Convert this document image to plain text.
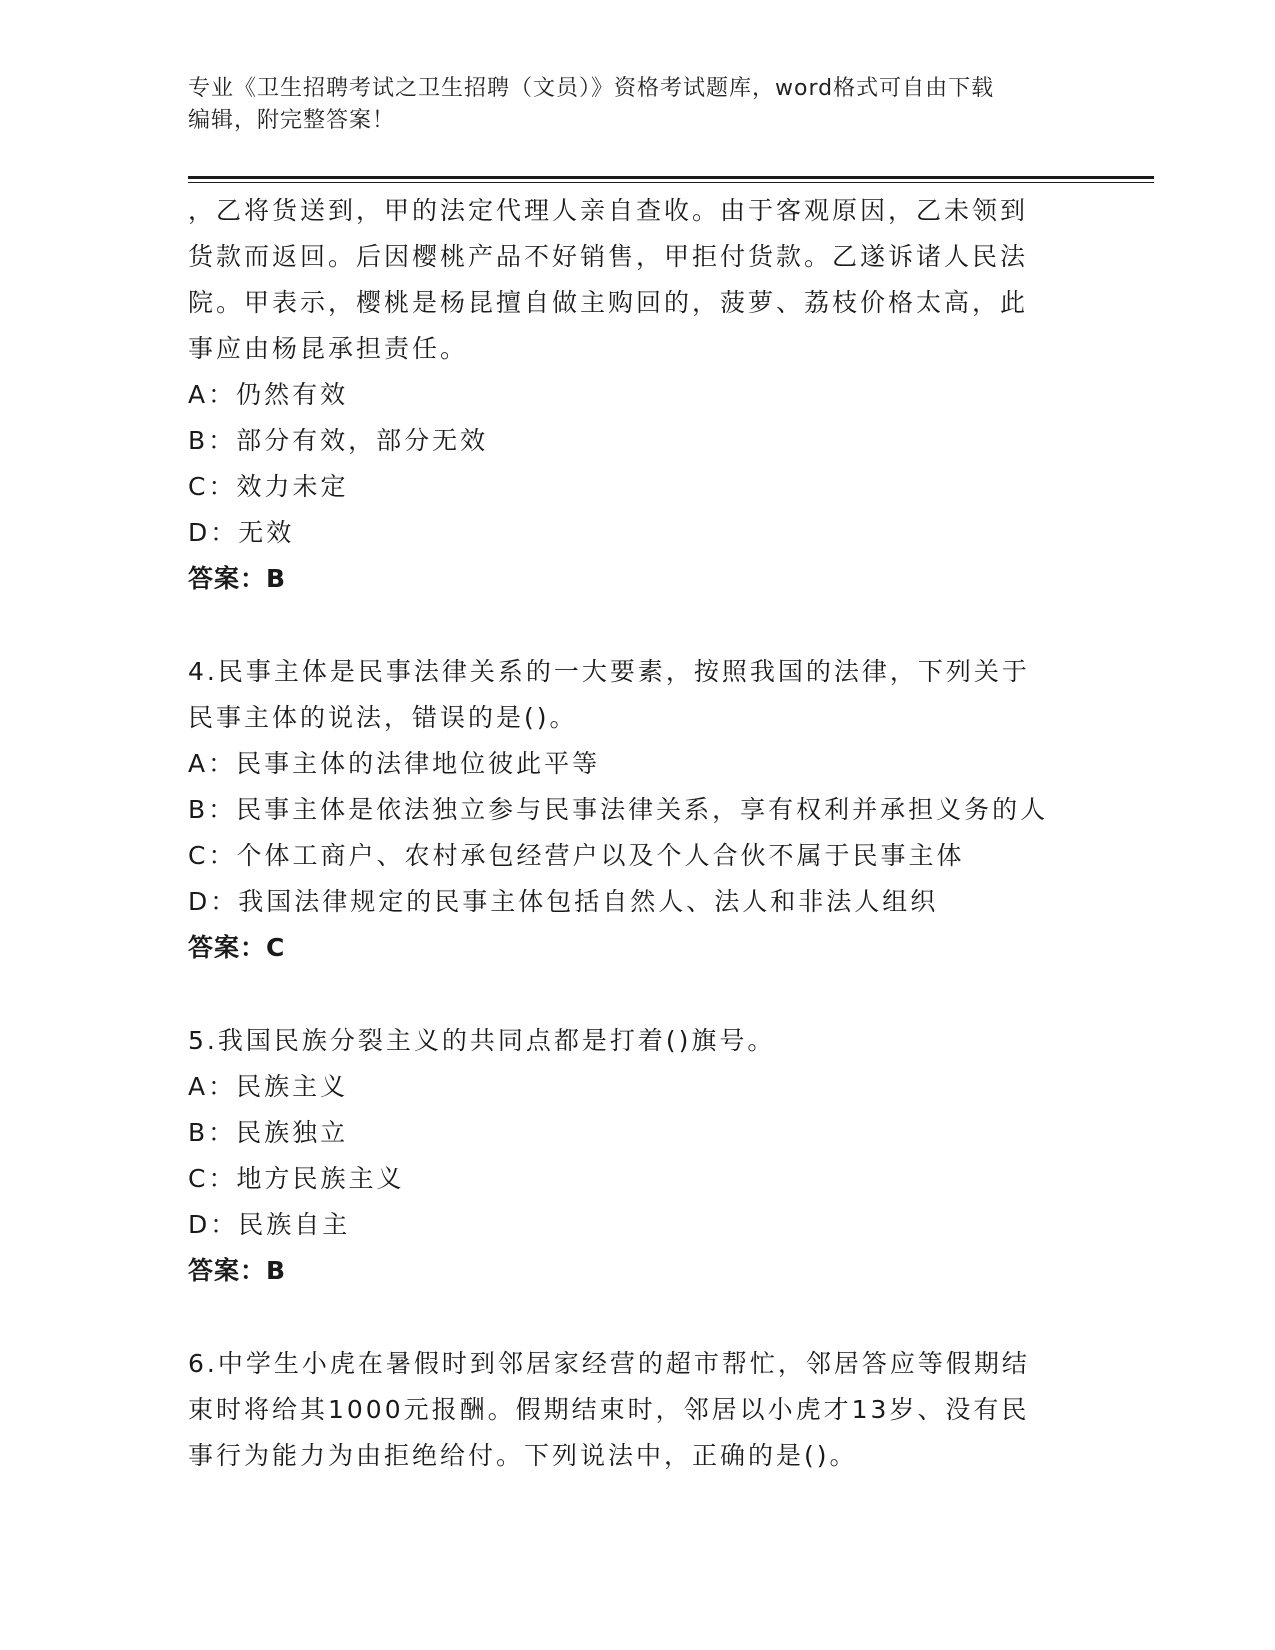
专业《卫生招聘考试之卫生招聘（文员）》资格考试题库，word格式可自由下载
编辑，附完整答案！
，乙将货送到，甲的法定代理人亲自查收。由于客观原因，乙未领到
货款而返回。后因樱桃产品不好销售，甲拒付货款。乙遂诉诸人民法
院。甲表示，樱桃是杨昆擅自做主购回的，菠萝、荔枝价格太高，此
事应由杨昆承担责任。
A：仍然有效
B：部分有效，部分无效
C：效力未定
D：无效
答案：B
4.民事主体是民事法律关系的一大要素，按照我国的法律，下列关于
民事主体的说法，错误的是()。
A：民事主体的法律地位彼此平等
B：民事主体是依法独立参与民事法律关系，享有权利并承担义务的人
C：个体工商户、农村承包经营户以及个人合伙不属于民事主体
D：我国法律规定的民事主体包括自然人、法人和非法人组织
答案：C
5.我国民族分裂主义的共同点都是打着()旗号。
A：民族主义
B：民族独立
C：地方民族主义
D：民族自主
答案：B
6.中学生小虎在暑假时到邻居家经营的超市帮忙，邻居答应等假期结
束时将给其1000元报酬。假期结束时，邻居以小虎才13岁、没有民
事行为能力为由拒绝给付。下列说法中，正确的是()。
